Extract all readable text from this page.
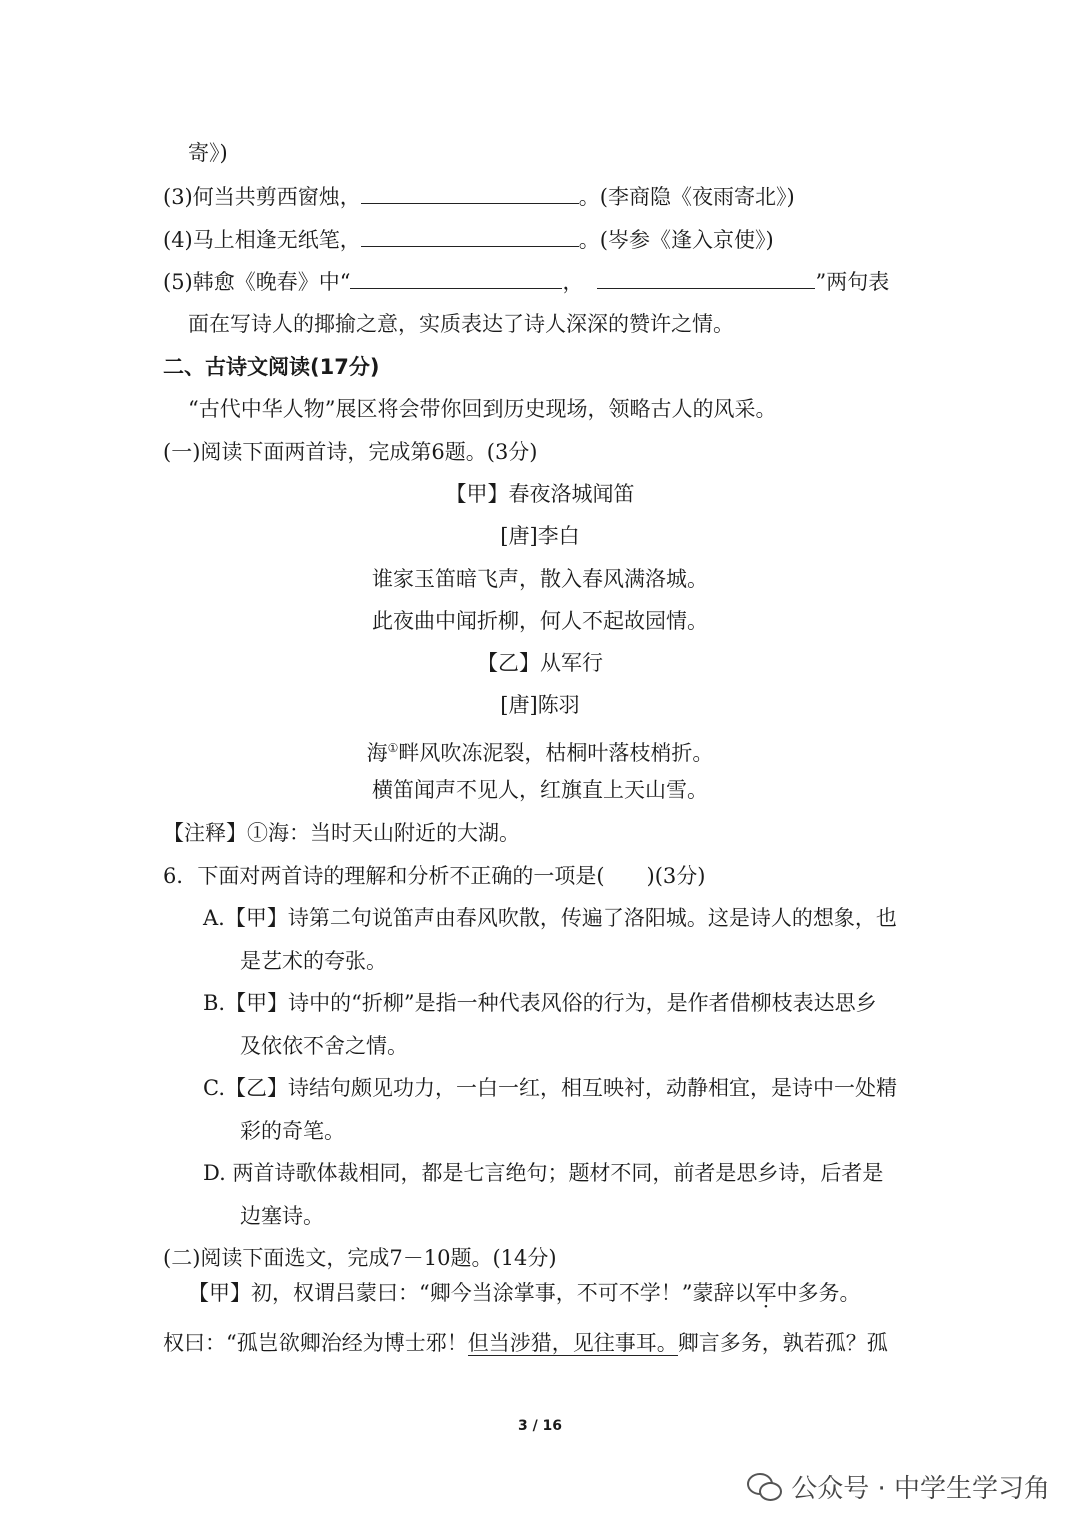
寄》)
(3)何当共剪西窗烛，	。(李商隐《夜雨寄北》)
(4)马上相逢无纸笔，	。(岑参《逢入京使》)
(5)韩愈《晚春》中“	，	”两句表
面在写诗人的揶揄之意，实质表达了诗人深深的赞许之情。
二、古诗文阅读(17分)
“古代中华人物”展区将会带你回到历史现场，领略古人的风采。
(一)阅读下面两首诗，完成第6题。(3分)
【甲】春夜洛城闻笛
[唐]李白
谁家玉笛暗飞声，散入春风满洛城。
此夜曲中闻折柳，何人不起故园情。
【乙】从军行
[唐]陈羽
海①畔风吹冻泥裂，枯桐叶落枝梢折。
横笛闻声不见人，红旗直上天山雪。
【注释】①海：当时天山附近的大湖。
6．下面对两首诗的理解和分析不正确的一项是(　　)(3分)
A.【甲】诗第二句说笛声由春风吹散，传遍了洛阳城。这是诗人的想象，也
是艺术的夸张。
B.【甲】诗中的“折柳”是指一种代表风俗的行为，是作者借柳枝表达思乡
及依依不舍之情。
C.【乙】诗结句颇见功力，一白一红，相互映衬，动静相宜，是诗中一处精
彩的奇笔。
D. 两首诗歌体裁相同，都是七言绝句；题材不同，前者是思乡诗，后者是
边塞诗。
(二)阅读下面选文，完成7－10题。(14分)
【甲】初，权谓吕蒙曰：“卿今当涂掌事，不可不学！”蒙辞以军中多务。
权曰：“孤岂欲卿治经为博士邪！但当涉猎，见往事耳。卿言多务，孰若孤？孤
3 / 16
公众号 · 中学生学习角
